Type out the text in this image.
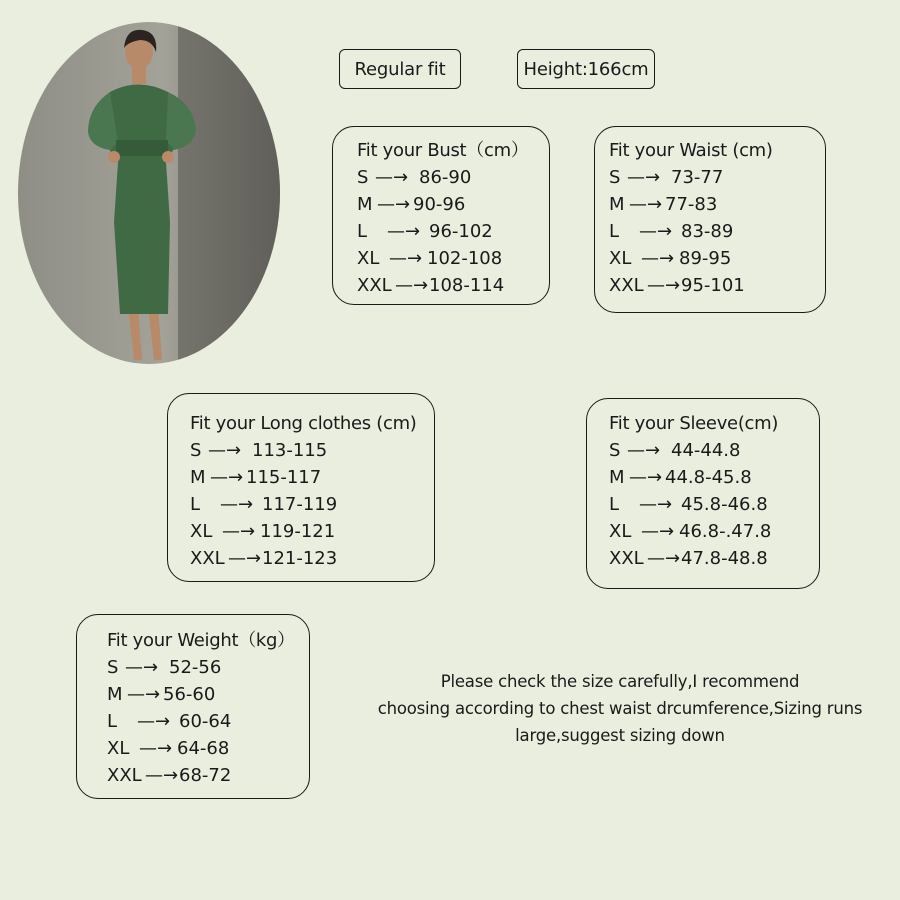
Regular fit	Height:166cm
Fit your Bust（cm）
S —→ 86-90
M —→ 90-96
L	—→ 96-102
XL —→ 102-108
XXL —→ 108-114
Fit your Waist (cm)
S —→ 73-77
M —→ 77-83
L	—→ 83-89
XL —→ 89-95
XXL —→ 95-101
Fit your Long clothes (cm)
S —→ 113-115
M —→ 115-117
L	—→ 117-119
XL —→ 119-121
XXL —→ 121-123
Fit your Sleeve(cm)
S —→ 44-44.8
M —→ 44.8-45.8
L	—→ 45.8-46.8
XL —→ 46.8-.47.8
XXL —→ 47.8-48.8
Fit your Weight（kg）
S —→ 52-56
M —→ 56-60
L	—→ 60-64
XL —→ 64-68
XXL —→ 68-72
Please check the size carefully,I recommend
choosing according to chest waist drcumference,Sizing runs
large,suggest sizing down
